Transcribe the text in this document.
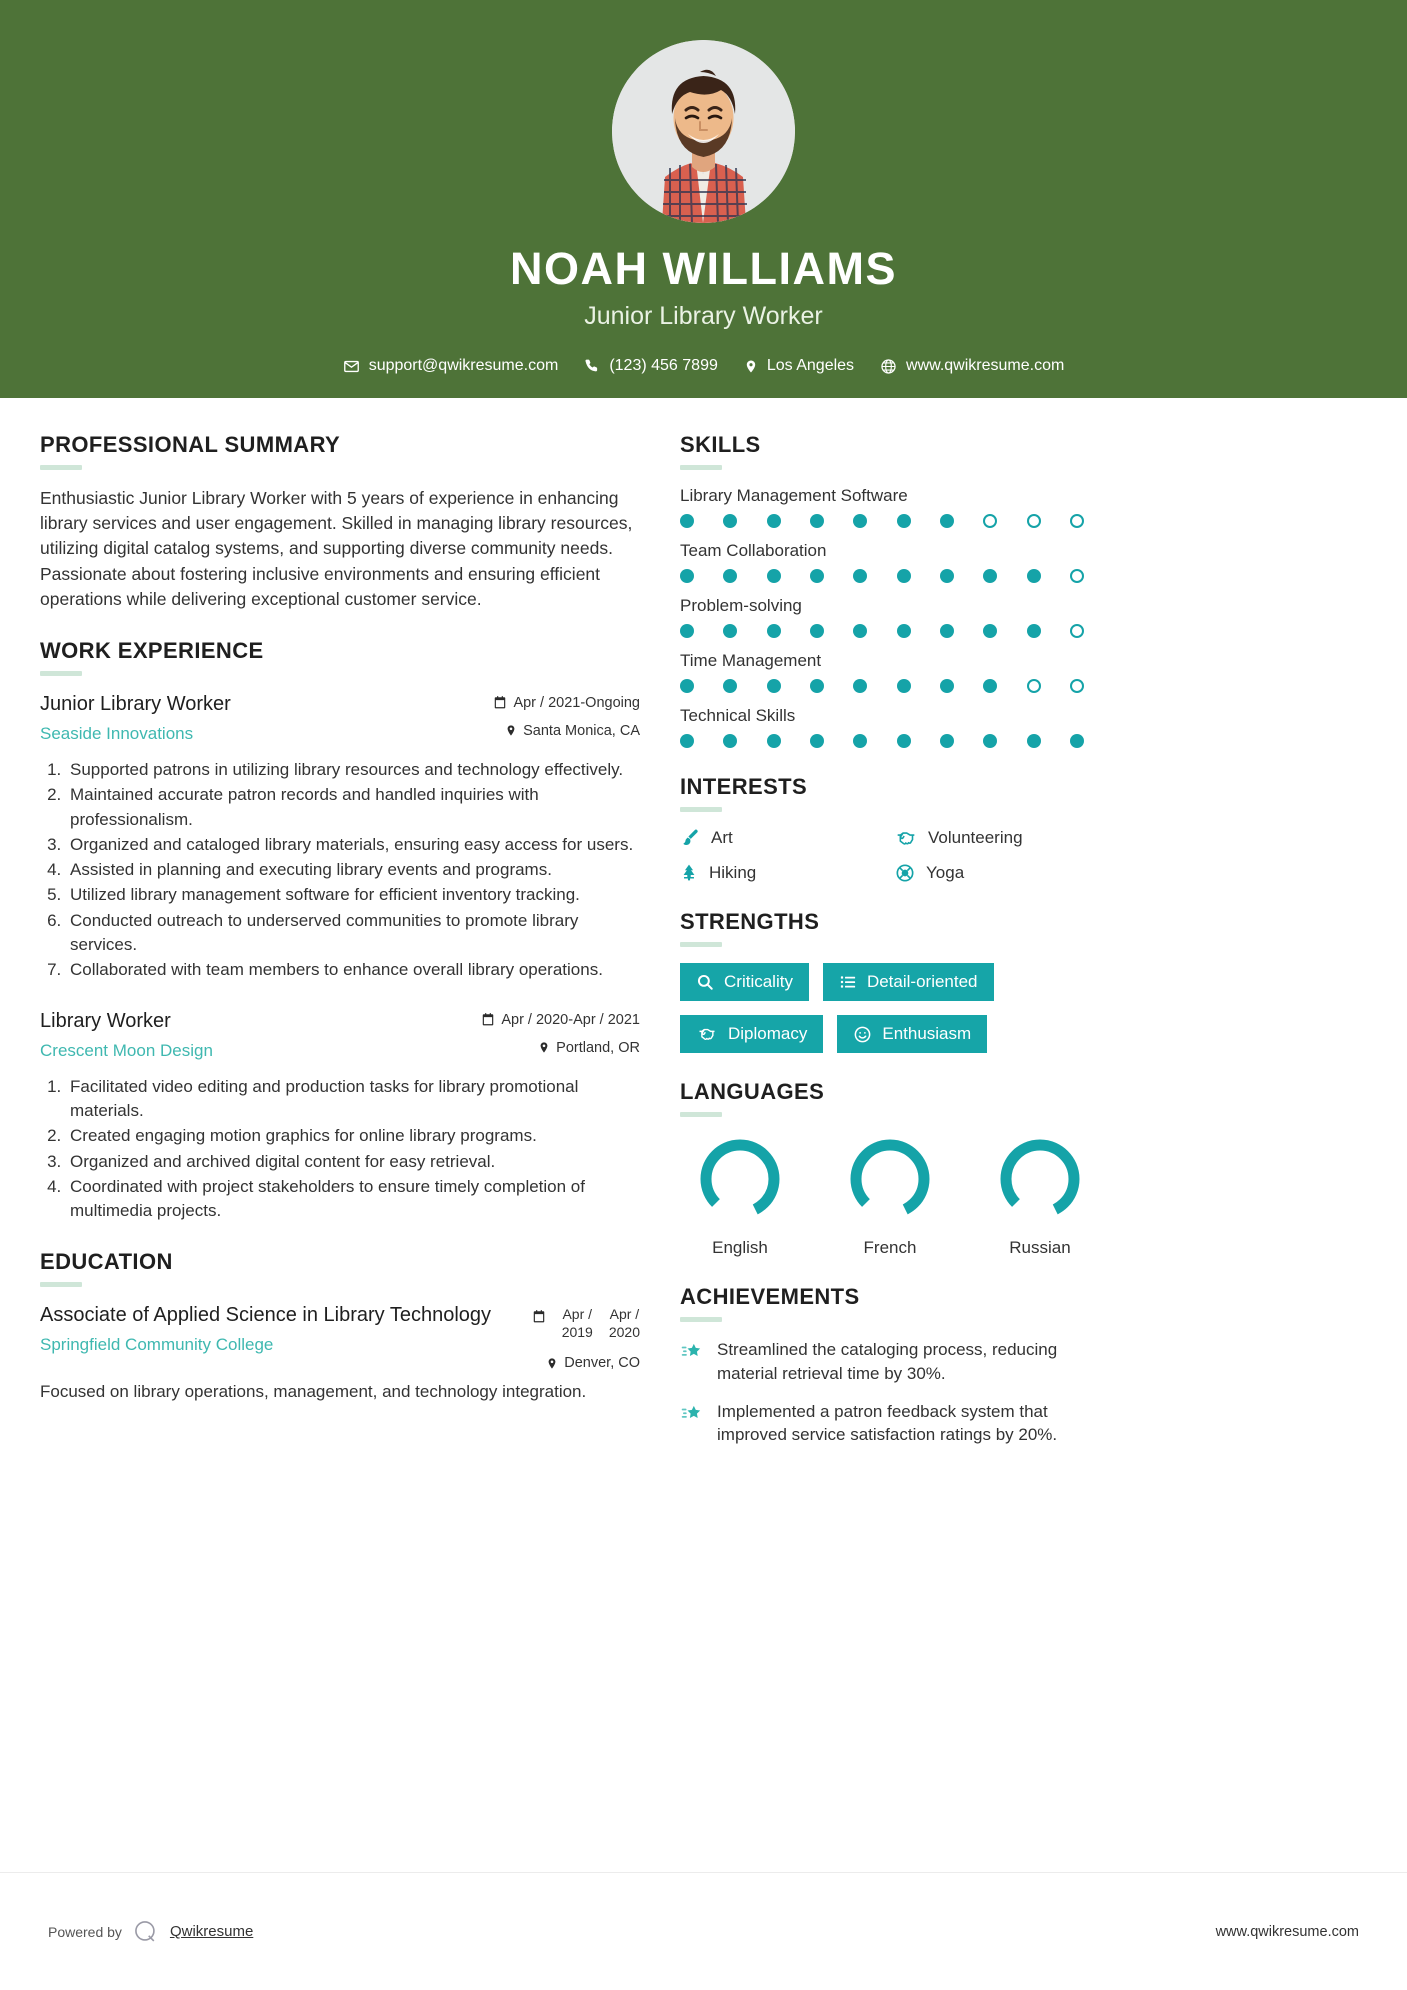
NOAH WILLIAMS
Junior Library Worker
support@qwikresume.com	(123) 456 7899	Los Angeles	www.qwikresume.com
PROFESSIONAL SUMMARY
Enthusiastic Junior Library Worker with 5 years of experience in enhancing library services and user engagement. Skilled in managing library resources, utilizing digital catalog systems, and supporting diverse community needs. Passionate about fostering inclusive environments and ensuring efficient operations while delivering exceptional customer service.
WORK EXPERIENCE
Junior Library Worker
Seaside Innovations
Apr / 2021-Ongoing
Santa Monica, CA
1. Supported patrons in utilizing library resources and technology effectively.
2. Maintained accurate patron records and handled inquiries with professionalism.
3. Organized and cataloged library materials, ensuring easy access for users.
4. Assisted in planning and executing library events and programs.
5. Utilized library management software for efficient inventory tracking.
6. Conducted outreach to underserved communities to promote library services.
7. Collaborated with team members to enhance overall library operations.
Library Worker
Crescent Moon Design
Apr / 2020-Apr / 2021
Portland, OR
1. Facilitated video editing and production tasks for library promotional materials.
2. Created engaging motion graphics for online library programs.
3. Organized and archived digital content for easy retrieval.
4. Coordinated with project stakeholders to ensure timely completion of multimedia projects.
EDUCATION
Associate of Applied Science in Library Technology
Springfield Community College
Apr /
2019
Apr /
2020
Denver, CO
Focused on library operations, management, and technology integration.
SKILLS
Library Management Software
Team Collaboration
Problem-solving
Time Management
Technical Skills
INTERESTS
Art	Volunteering
Hiking	Yoga
STRENGTHS
Criticality	Detail-oriented
Diplomacy	Enthusiasm
LANGUAGES
English	French	Russian
ACHIEVEMENTS
Streamlined the cataloging process, reducing material retrieval time by 30%.
Implemented a patron feedback system that improved service satisfaction ratings by 20%.
Powered by	Qwikresume	www.qwikresume.com
